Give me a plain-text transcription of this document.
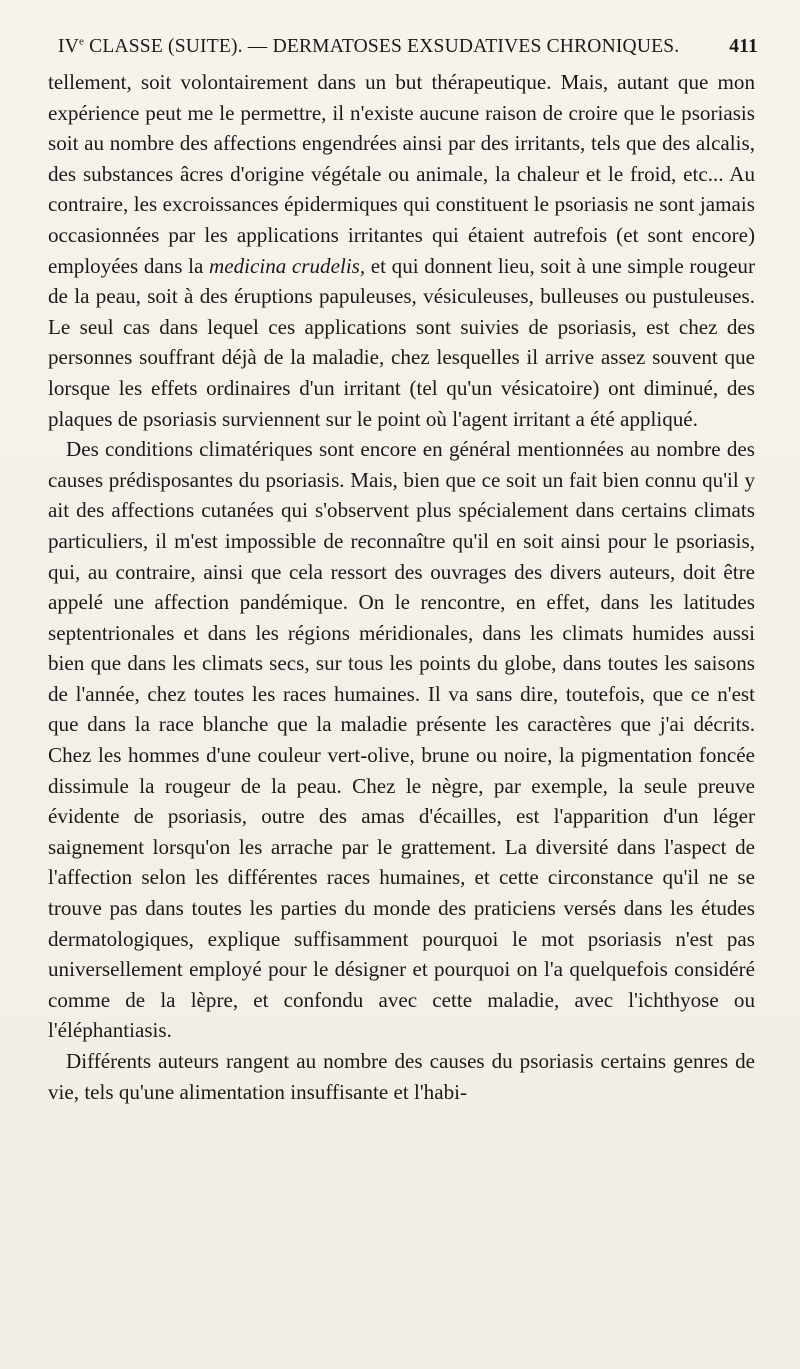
IVe CLASSE (SUITE). — DERMATOSES EXSUDATIVES CHRONIQUES.	411

tellement, soit volontairement dans un but thérapeutique. Mais, autant que mon expérience peut me le permettre, il n'existe aucune raison de croire que le psoriasis soit au nombre des affections engendrées ainsi par des irritants, tels que des alcalis, des substances âcres d'origine végétale ou animale, la chaleur et le froid, etc... Au contraire, les excroissances épidermiques qui constituent le psoriasis ne sont jamais occasionnées par les applications irritantes qui étaient autrefois (et sont encore) employées dans la medicina crudelis, et qui donnent lieu, soit à une simple rougeur de la peau, soit à des éruptions papuleuses, vésiculeuses, bulleuses ou pustuleuses. Le seul cas dans lequel ces applications sont suivies de psoriasis, est chez des personnes souffrant déjà de la maladie, chez lesquelles il arrive assez souvent que lorsque les effets ordinaires d'un irritant (tel qu'un vésicatoire) ont diminué, des plaques de psoriasis surviennent sur le point où l'agent irritant a été appliqué.

Des conditions climatériques sont encore en général mentionnées au nombre des causes prédisposantes du psoriasis. Mais, bien que ce soit un fait bien connu qu'il y ait des affections cutanées qui s'observent plus spécialement dans certains climats particuliers, il m'est impossible de reconnaître qu'il en soit ainsi pour le psoriasis, qui, au contraire, ainsi que cela ressort des ouvrages des divers auteurs, doit être appelé une affection pandémique. On le rencontre, en effet, dans les latitudes septentrionales et dans les régions méridionales, dans les climats humides aussi bien que dans les climats secs, sur tous les points du globe, dans toutes les saisons de l'année, chez toutes les races humaines. Il va sans dire, toutefois, que ce n'est que dans la race blanche que la maladie présente les caractères que j'ai décrits. Chez les hommes d'une couleur vert-olive, brune ou noire, la pigmentation foncée dissimule la rougeur de la peau. Chez le nègre, par exemple, la seule preuve évidente de psoriasis, outre des amas d'écailles, est l'apparition d'un léger saignement lorsqu'on les arrache par le grattement. La diversité dans l'aspect de l'affection selon les différentes races humaines, et cette circonstance qu'il ne se trouve pas dans toutes les parties du monde des praticiens versés dans les études dermatologiques, explique suffisamment pourquoi le mot psoriasis n'est pas universellement employé pour le désigner et pourquoi on l'a quelquefois considéré comme de la lèpre, et confondu avec cette maladie, avec l'ichthyose ou l'éléphantiasis.

Différents auteurs rangent au nombre des causes du psoriasis certains genres de vie, tels qu'une alimentation insuffisante et l'habi-
